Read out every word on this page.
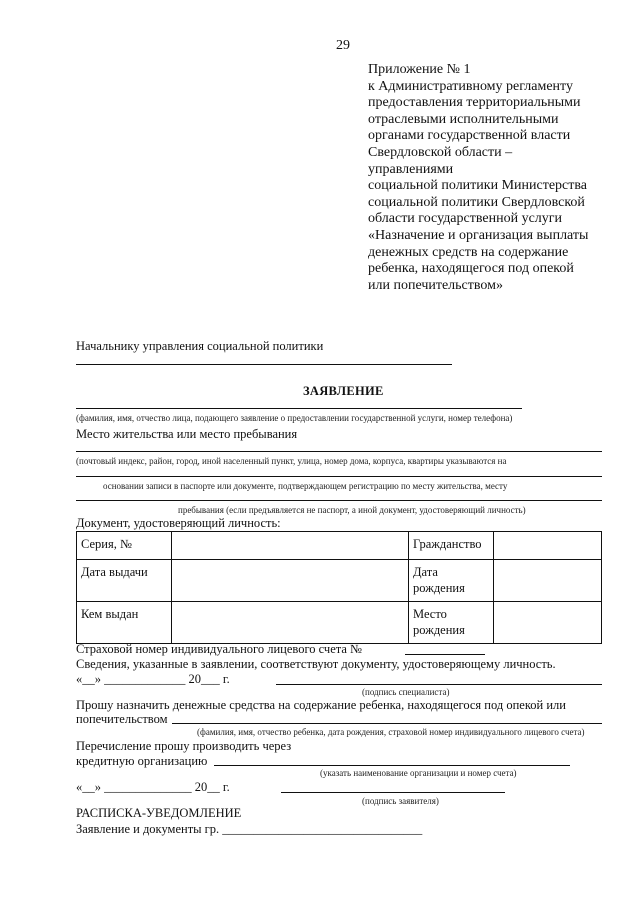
29
Приложение № 1
к Административному регламенту
предоставления территориальными
отраслевыми исполнительными
органами государственной власти
Свердловской области –
управлениями
социальной политики Министерства
социальной политики Свердловской
области государственной услуги
«Назначение и организация выплаты
денежных средств на содержание
ребенка, находящегося под опекой
или попечительством»
Начальнику управления социальной политики
ЗАЯВЛЕНИЕ
(фамилия, имя, отчество лица, подающего заявление о предоставлении государственной услуги, номер телефона)
Место жительства или место пребывания
(почтовый индекс, район, город, иной населенный пункт, улица, номер дома, корпуса, квартиры указываются на
основании записи в паспорте или документе, подтверждающем регистрацию по месту жительства, месту
пребывания (если предъявляется не паспорт, а иной документ, удостоверяющий личность)
Документ, удостоверяющий личность:
Серия, №		Гражданство	
Дата выдачи		Дата
рождения	
Кем выдан		Место
рождения	
Страховой номер индивидуального лицевого счета №
Сведения, указанные в заявлении, соответствуют документу, удостоверяющему личность.
«__» _____________ 20___ г.
(подпись специалиста)
Прошу назначить денежные средства на содержание ребенка, находящегося под опекой или
попечительством
(фамилия, имя, отчество ребенка, дата рождения, страховой номер индивидуального лицевого счета)
Перечисление прошу производить через
кредитную организацию
(указать наименование организации и номер счета)
«__» ______________ 20__ г.
(подпись заявителя)
РАСПИСКА-УВЕДОМЛЕНИЕ
Заявление и документы гр. ________________________________
